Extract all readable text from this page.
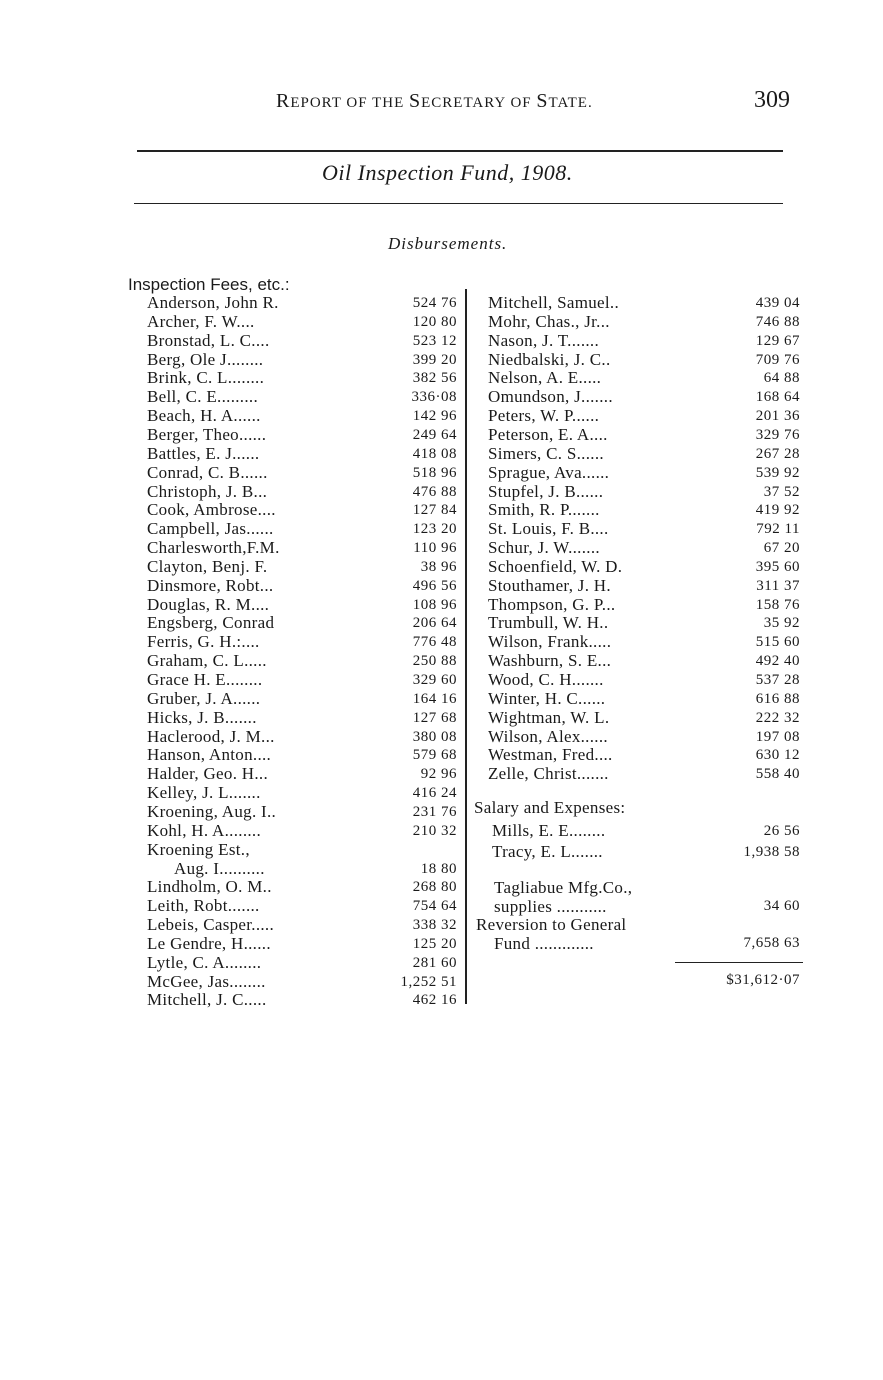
REPORT OF THE SECRETARY OF STATE.	309
Oil Inspection Fund, 1908.
Disbursements.
Inspection Fees, etc.:
Anderson, John R.	524 76
Archer, F. W....	120 80
Bronstad, L. C....	523 12
Berg, Ole J........	399 20
Brink, C. L........	382 56
Bell, C. E.........	336·08
Beach, H. A......	142 96
Berger, Theo......	249 64
Battles, E. J......	418 08
Conrad, C. B......	518 96
Christoph, J. B...	476 88
Cook, Ambrose....	127 84
Campbell, Jas......	123 20
Charlesworth,F.M.	110 96
Clayton, Benj. F.	38 96
Dinsmore, Robt...	496 56
Douglas, R. M....	108 96
Engsberg, Conrad	206 64
Ferris, G. H.:....	776 48
Graham, C. L.....	250 88
Grace H. E........	329 60
Gruber, J. A......	164 16
Hicks, J. B.......	127 68
Haclerood, J. M...	380 08
Hanson, Anton....	579 68
Halder, Geo. H...	92 96
Kelley, J. L.......	416 24
Kroening, Aug. I..	231 76
Kohl, H. A........	210 32
Kroening Est.,
Aug. I..........	18 80
Lindholm, O. M..	268 80
Leith, Robt.......	754 64
Lebeis, Casper.....	338 32
Le Gendre, H......	125 20
Lytle, C. A........	281 60
McGee, Jas........	1,252 51
Mitchell, J. C.....	462 16
Mitchell, Samuel..	439 04
Mohr, Chas., Jr...	746 88
Nason, J. T.......	129 67
Niedbalski, J. C..	709 76
Nelson, A. E.....	64 88
Omundson, J.......	168 64
Peters, W. P......	201 36
Peterson, E. A....	329 76
Simers, C. S......	267 28
Sprague, Ava......	539 92
Stupfel, J. B......	37 52
Smith, R. P.......	419 92
St. Louis, F. B....	792 11
Schur, J. W.......	67 20
Schoenfield, W. D.	395 60
Stouthamer, J. H.	311 37
Thompson, G. P...	158 76
Trumbull, W. H..	35 92
Wilson, Frank.....	515 60
Washburn, S. E...	492 40
Wood, C. H.......	537 28
Winter, H. C......	616 88
Wightman, W. L.	222 32
Wilson, Alex......	197 08
Westman, Fred....	630 12
Zelle, Christ.......	558 40
Salary and Expenses:
Mills, E. E........	26 56
Tracy, E. L.......	1,938 58
Tagliabue Mfg.Co.,
supplies ...........	34 60
Reversion to General
Fund .............	7,658 63
$31,612·07
